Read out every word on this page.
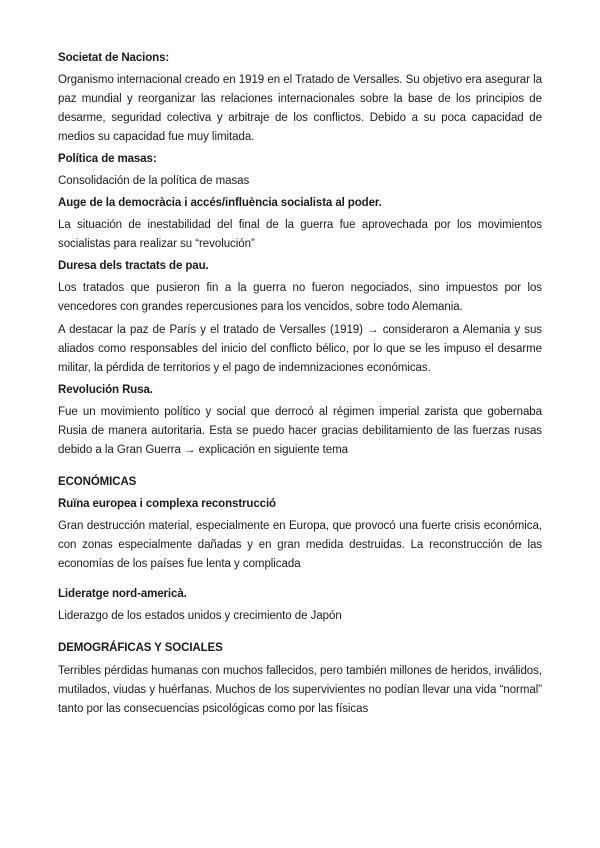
Societat de Nacions:
Organismo internacional creado en 1919 en el Tratado de Versalles. Su objetivo era asegurar la paz mundial y reorganizar las relaciones internacionales sobre la base de los principios de desarme, seguridad colectiva y arbitraje de los conflictos. Debido a su poca capacidad de medios su capacidad fue muy limitada.
Política de masas:
Consolidación de la política de masas
Auge de la democràcia i accés/influència socialista al poder.
La situación de inestabilidad del final de la guerra fue aprovechada por los movimientos socialistas para realizar su “revolución”
Duresa dels tractats de pau.
Los tratados que pusieron fin a la guerra no fueron negociados, sino impuestos por los vencedores con grandes repercusiones para los vencidos, sobre todo Alemania.
A destacar la paz de París y el tratado de Versalles (1919) → consideraron a Alemania y sus aliados como responsables del inicio del conflicto bélico, por lo que se les impuso el desarme militar, la pérdida de territorios y el pago de indemnizaciones económicas.
Revolución Rusa.
Fue un movimiento político y social que derrocó al régimen imperial zarista que gobernaba Rusia de manera autoritaria. Esta se puedo hacer gracias debilitamiento de las fuerzas rusas debido a la Gran Guerra → explicación en siguiente tema
ECONÓMICAS
Ruïna europea i complexa reconstrucció
Gran destrucción material, especialmente en Europa, que provocó una fuerte crisis económica, con zonas especialmente dañadas y en gran medida destruidas. La reconstrucción de las economías de los países fue lenta y complicada
Lideratge nord-americà.
Liderazgo de los estados unidos y crecimiento de Japón
DEMOGRÁFICAS Y SOCIALES
Terribles pérdidas humanas con muchos fallecidos, pero también millones de heridos, inválidos, mutilados, viudas y huérfanas. Muchos de los supervivientes no podían llevar una vida “normal” tanto por las consecuencias psicológicas como por las físicas
